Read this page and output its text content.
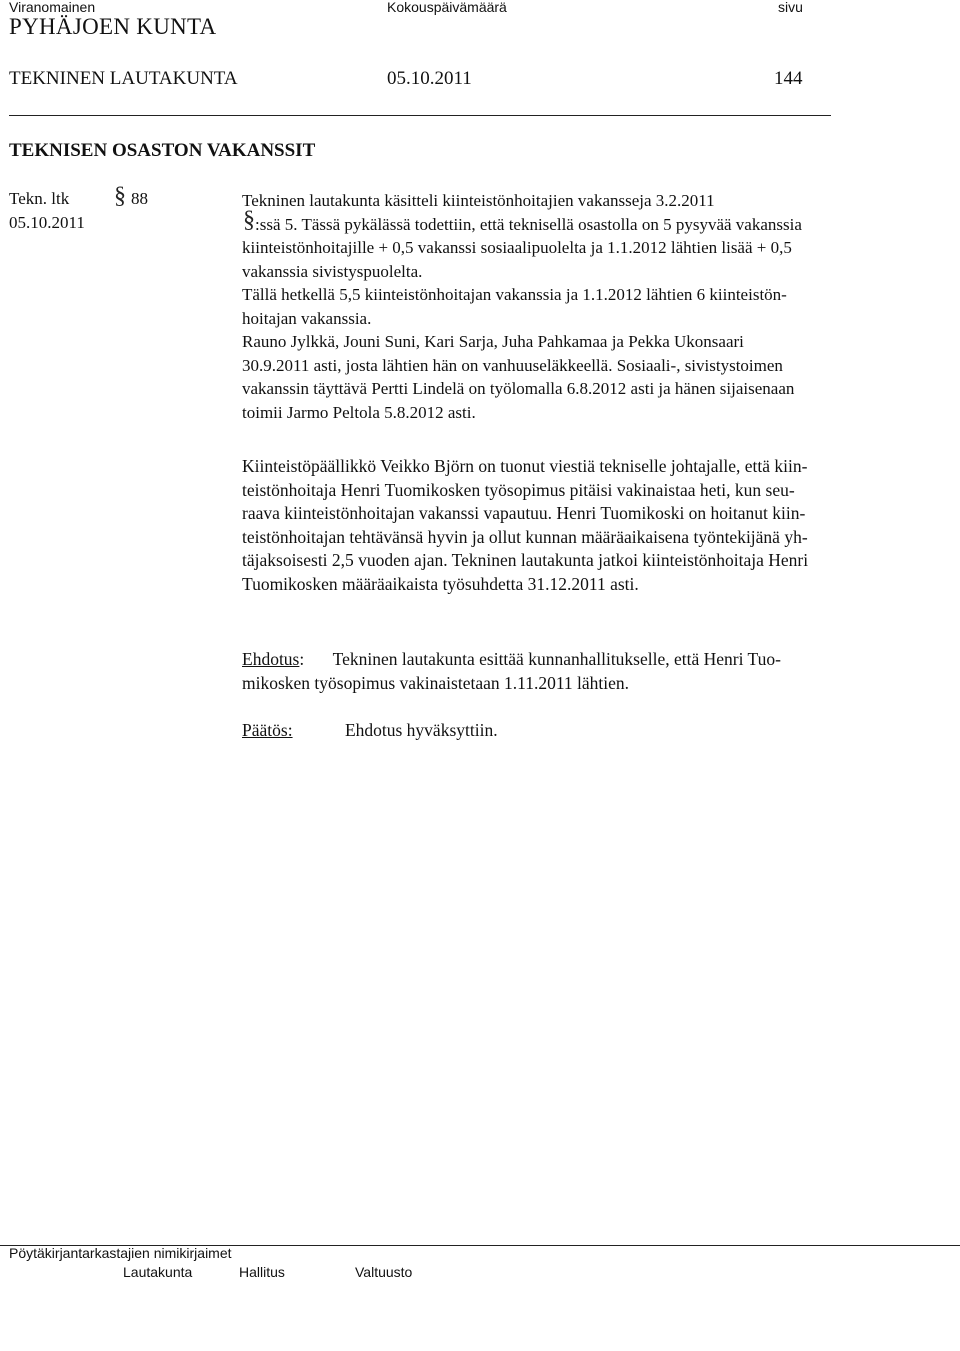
Viranomainen	Kokouspäivämäärä	sivu
PYHÄJOEN KUNTA
TEKNINEN LAUTAKUNTA	05.10.2011	144
TEKNISEN OSASTON VAKANSSIT
Tekn. ltk § 88
05.10.2011	§
Tekninen lautakunta käsitteli kiinteistönhoitajien vakansseja 3.2.2011
:ssä 5. Tässä pykälässä todettiin, että teknisellä osastolla on 5 pysyvää vakanssia
kiinteistönhoitajille + 0,5 vakanssi sosiaalipuolelta ja 1.1.2012 lähtien lisää + 0,5
vakanssia sivistyspuolelta.
Tällä hetkellä 5,5 kiinteistönhoitajan vakanssia ja 1.1.2012 lähtien 6 kiinteistön-
hoitajan vakanssia.
Rauno Jylkkä, Jouni Suni, Kari Sarja, Juha Pahkamaa ja Pekka Ukonsaari
30.9.2011 asti, josta lähtien hän on vanhuuseläkkeellä. Sosiaali-, sivistystoimen
vakanssin täyttävä Pertti Lindelä on työlomalla 6.8.2012 asti ja hänen sijaisenaan
toimii Jarmo Peltola 5.8.2012 asti.
Kiinteistöpäällikkö Veikko Björn on tuonut viestiä tekniselle johtajalle, että kiin-
teistönhoitaja Henri Tuomikosken työsopimus pitäisi vakinaistaa heti, kun seu-
raava kiinteistönhoitajan vakanssi vapautuu. Henri Tuomikoski on hoitanut kiin-
teistönhoitajan tehtävänsä hyvin ja ollut kunnan määräaikaisena työntekijänä yh-
täjaksoisesti 2,5 vuoden ajan. Tekninen lautakunta jatkoi kiinteistönhoitaja Henri
Tuomikosken määräaikaista työsuhdetta 31.12.2011 asti.
Ehdotus: Tekninen lautakunta esittää kunnanhallitukselle, että Henri Tuo-
mikosken työsopimus vakinaistetaan 1.11.2011 lähtien.
Päätös:	Ehdotus hyväksyttiin.
Pöytäkirjantarkastajien nimikirjaimet
Lautakunta	Hallitus	Valtuusto
